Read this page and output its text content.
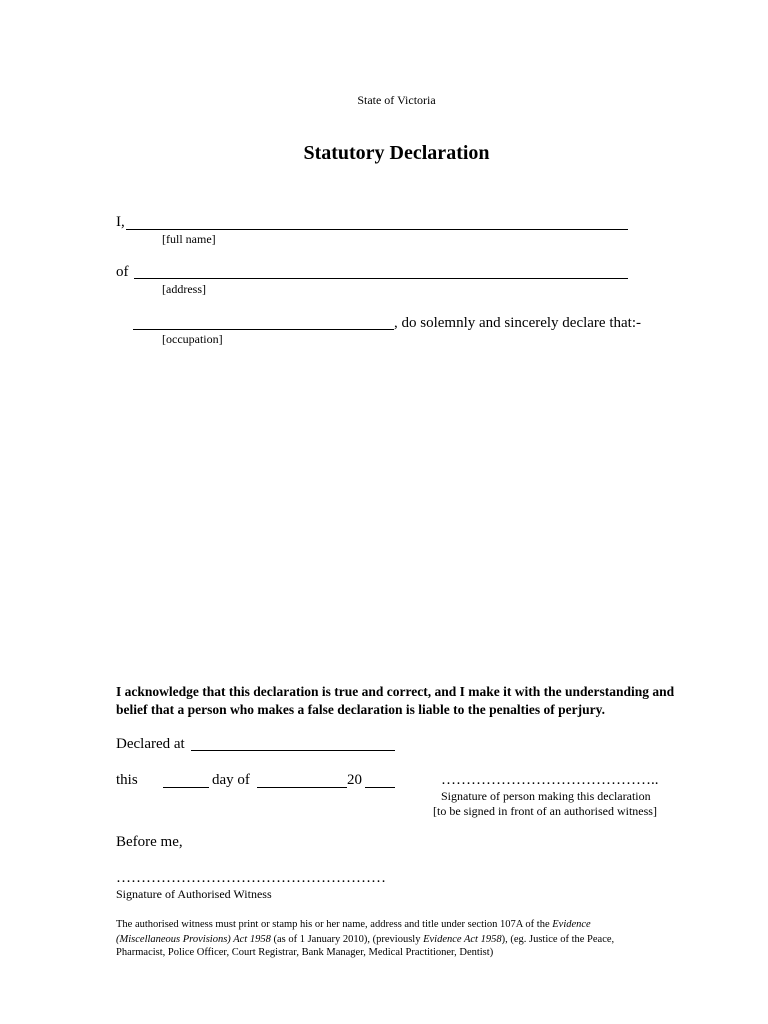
State of Victoria
Statutory Declaration
I,
[full name]
of
[address]
, do solemnly and sincerely declare that:-
[occupation]
I acknowledge that this declaration is true and correct, and I make it with the understanding and
belief that a person who makes a false declaration is liable to the penalties of perjury.
Declared at
this	day of	20	……………………………………..
Signature of person making this declaration
[to be signed in front of an authorised witness]
Before me,
………………………………………………
Signature of Authorised Witness
The authorised witness must print or stamp his or her name, address and title under section 107A of the Evidence
(Miscellaneous Provisions) Act 1958 (as of 1 January 2010), (previously Evidence Act 1958), (eg. Justice of the Peace,
Pharmacist, Police Officer, Court Registrar, Bank Manager, Medical Practitioner, Dentist)
